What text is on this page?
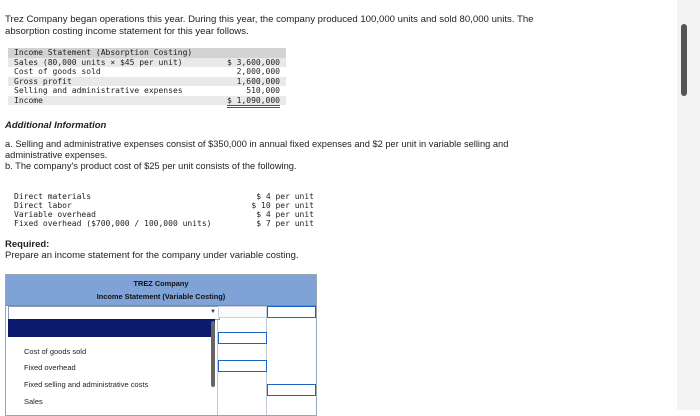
Trez Company began operations this year. During this year, the company produced 100,000 units and sold 80,000 units. The absorption costing income statement for this year follows.
Income Statement (Absorption Costing)
Sales (80,000 units × $45 per unit)	$ 3,600,000
Cost of goods sold	2,000,000
Gross profit	1,600,000
Selling and administrative expenses	510,000
Income	$ 1,090,000
Additional Information
a. Selling and administrative expenses consist of $350,000 in annual fixed expenses and $2 per unit in variable selling and administrative expenses.
b. The company's product cost of $25 per unit consists of the following.
Direct materials	$ 4 per unit
Direct labor	$ 10 per unit
Variable overhead	$ 4 per unit
Fixed overhead ($700,000 / 100,000 units)	$ 7 per unit
Required:
Prepare an income statement for the company under variable costing.
TREZ Company
Income Statement (Variable Costing)
▼
Cost of goods sold
Fixed overhead
Fixed selling and administrative costs
Sales
